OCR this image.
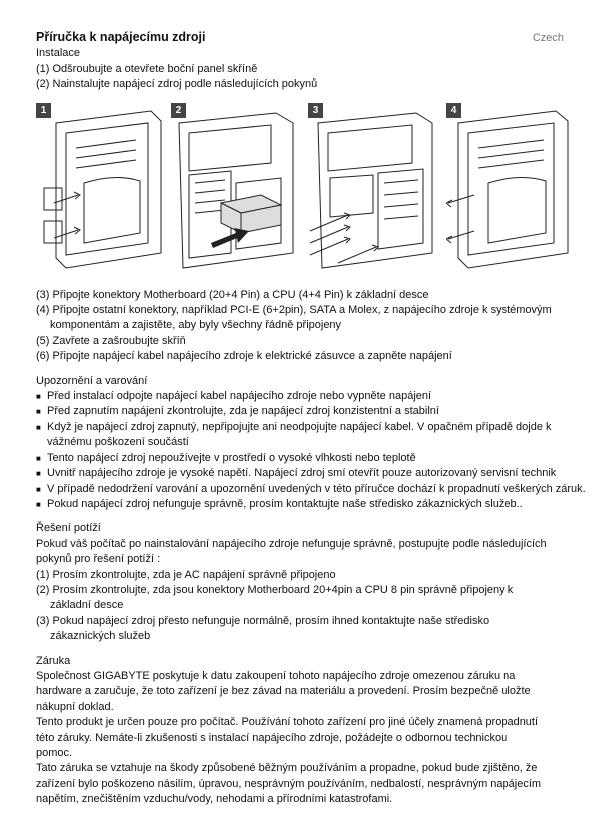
Příručka k napájecímu zdroji	Czech
Instalace
(1) Odšroubujte a otevřete boční panel skříně
(2) Nainstalujte napájecí zdroj podle následujících pokynů
1	2	3	4
(3) Připojte konektory Motherboard (20+4 Pin) a CPU (4+4 Pin) k základní desce
(4) Připojte ostatní konektory, například PCI-E (6+2pin), SATA a Molex, z napájecího zdroje k systémovým
komponentám a zajistěte, aby byly všechny řádně připojeny
(5) Zavřete a zašroubujte skříň
(6) Připojte napájecí kabel napájecího zdroje k elektrické zásuvce a zapněte napájení
Upozornění a varování
■ Před instalací odpojte napájecí kabel napájecího zdroje nebo vypněte napájení
■ Před zapnutím napájení zkontrolujte, zda je napájecí zdroj konzistentní a stabilní
■ Když je napájecí zdroj zapnutý, nepřipojujte ani neodpojujte napájecí kabel. V opačném případě dojde k
vážnému poškození součástí
■ Tento napájecí zdroj nepoužívejte v prostředí o vysoké vlhkosti nebo teplotě
■ Uvnitř napájecího zdroje je vysoké napětí. Napájecí zdroj smí otevřít pouze autorizovaný servisní technik
■ V případě nedodržení varování a upozornění uvedených v této příručce dochází k propadnutí veškerých záruk.
■ Pokud napájecí zdroj nefunguje správně, prosím kontaktujte naše středisko zákaznických služeb..
Řešení potíží
Pokud váš počítač po nainstalování napájecího zdroje nefunguje správně, postupujte podle následujících
pokynů pro řešení potíží :
(1) Prosím zkontrolujte, zda je AC napájení správně připojeno
(2) Prosím zkontrolujte, zda jsou konektory Motherboard 20+4pin a CPU 8 pin správně připojeny k
základní desce
(3) Pokud napájecí zdroj přesto nefunguje normálně, prosím ihned kontaktujte naše středisko
zákaznických služeb
Záruka
Společnost GIGABYTE poskytuje k datu zakoupení tohoto napájecího zdroje omezenou záruku na
hardware a zaručuje, že toto zařízení je bez závad na materiálu a provedení. Prosím bezpečně uložte
nákupní doklad.
Tento produkt je určen pouze pro počítač. Používání tohoto zařízení pro jiné účely znamená propadnutí
této záruky. Nemáte-li zkušenosti s instalací napájecího zdroje, požádejte o odbornou technickou
pomoc.
Tato záruka se vztahuje na škody způsobené běžným používáním a propadne, pokud bude zjištěno, že
zařízení bylo poškozeno násilím, úpravou, nesprávným používáním, nedbalostí, nesprávným napájecím
napětím, znečištěním vzduchu/vody, nehodami a přírodními katastrofami.
